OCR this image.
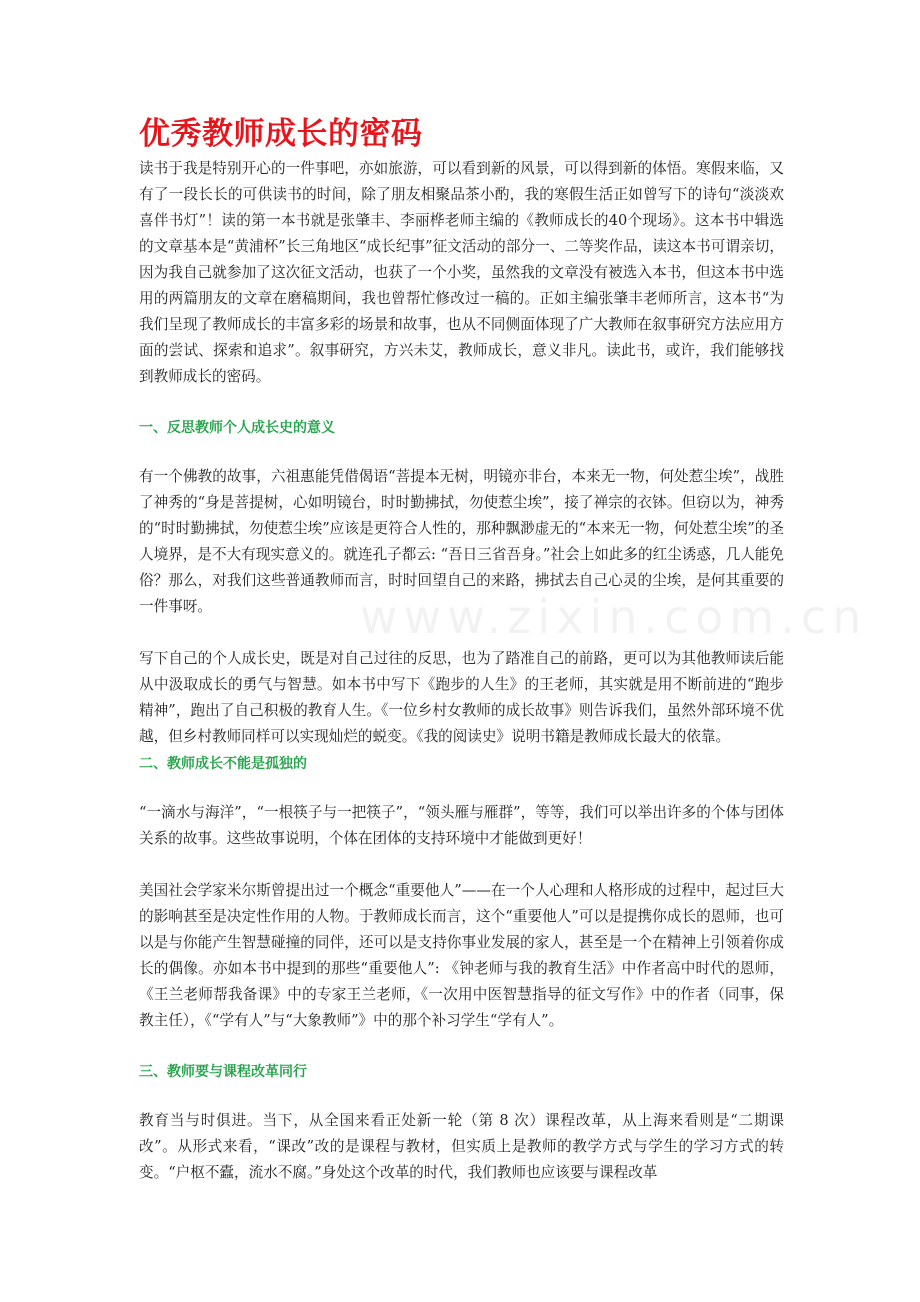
www.zixin.com.cn
优秀教师成长的密码

读书于我是特别开心的一件事吧，亦如旅游，可以看到新的风景，可以得到新的体悟。寒假来临，又有了一段长长的可供读书的时间，除了朋友相聚品茶小酌，我的寒假生活正如曾写下的诗句“淡淡欢喜伴书灯”！读的第一本书就是张肇丰、李丽桦老师主编的《教师成长的40个现场》。这本书中辑选的文章基本是“黄浦杯”长三角地区“成长纪事”征文活动的部分一、二等奖作品，读这本书可谓亲切，因为我自己就参加了这次征文活动，也获了一个小奖，虽然我的文章没有被选入本书，但这本书中选用的两篇朋友的文章在磨稿期间，我也曾帮忙修改过一稿的。正如主编张肇丰老师所言，这本书“为我们呈现了教师成长的丰富多彩的场景和故事，也从不同侧面体现了广大教师在叙事研究方法应用方面的尝试、探索和追求”。叙事研究，方兴未艾，教师成长，意义非凡。读此书，或许，我们能够找到教师成长的密码。

一、反思教师个人成长史的意义

有一个佛教的故事，六祖惠能凭借偈语“菩提本无树，明镜亦非台，本来无一物，何处惹尘埃”，战胜了神秀的“身是菩提树，心如明镜台，时时勤拂拭，勿使惹尘埃”，接了禅宗的衣钵。但窃以为，神秀的“时时勤拂拭，勿使惹尘埃”应该是更符合人性的，那种飘渺虚无的“本来无一物，何处惹尘埃”的圣人境界，是不大有现实意义的。就连孔子都云: “吾日三省吾身。”社会上如此多的红尘诱惑，几人能免俗？那么，对我们这些普通教师而言，时时回望自己的来路，拂拭去自己心灵的尘埃，是何其重要的一件事呀。

写下自己的个人成长史，既是对自己过往的反思，也为了踏准自己的前路，更可以为其他教师读后能从中汲取成长的勇气与智慧。如本书中写下《跑步的人生》的王老师，其实就是用不断前进的“跑步精神”，跑出了自己积极的教育人生。《一位乡村女教师的成长故事》则告诉我们，虽然外部环境不优越，但乡村教师同样可以实现灿烂的蜕变。《我的阅读史》说明书籍是教师成长最大的依靠。

二、教师成长不能是孤独的

“一滴水与海洋”，“一根筷子与一把筷子”，“领头雁与雁群”，等等，我们可以举出许多的个体与团体关系的故事。这些故事说明，个体在团体的支持环境中才能做到更好！

美国社会学家米尔斯曾提出过一个概念“重要他人”——在一个人心理和人格形成的过程中，起过巨大的影响甚至是决定性作用的人物。于教师成长而言，这个“重要他人”可以是提携你成长的恩师，也可以是与你能产生智慧碰撞的同伴，还可以是支持你事业发展的家人，甚至是一个在精神上引领着你成长的偶像。亦如本书中提到的那些“重要他人”: 《钟老师与我的教育生活》中作者高中时代的恩师，《王兰老师帮我备课》中的专家王兰老师，《一次用中医智慧指导的征文写作》中的作者（同事，保教主任），《“学有人”与“大象教师”》中的那个补习学生“学有人”。

三、教师要与课程改革同行

教育当与时俱进。当下，从全国来看正处新一轮（第 8 次）课程改革，从上海来看则是“二期课改”。从形式来看，“课改”改的是课程与教材，但实质上是教师的教学方式与学生的学习方式的转变。“户枢不蠹，流水不腐。”身处这个改革的时代，我们教师也应该要与课程改革
